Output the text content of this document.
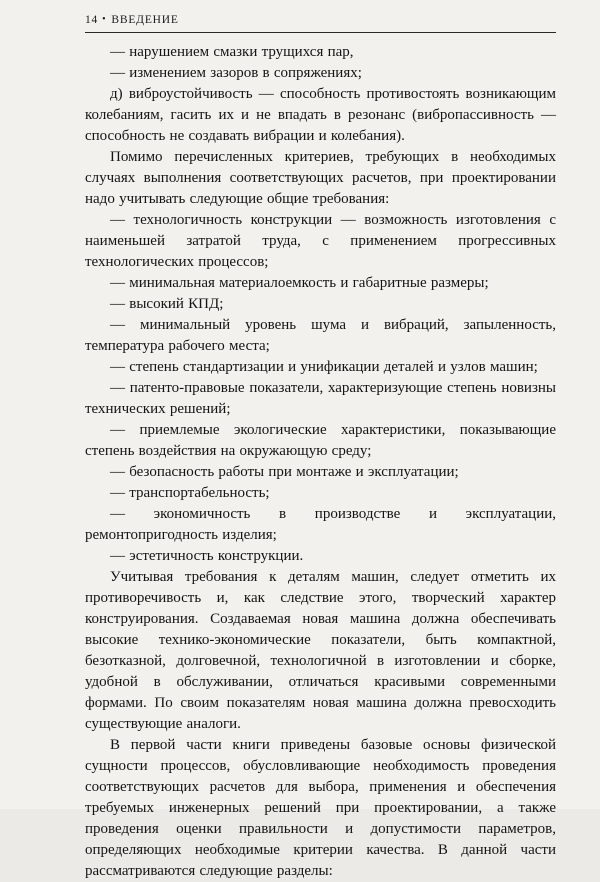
14 • ВВЕДЕНИЕ

— нарушением смазки трущихся пар,

— изменением зазоров в сопряжениях;

д) виброустойчивость — способность противостоять возникающим колебаниям, гасить их и не впадать в резонанс (вибропассивность — способность не создавать вибрации и колебания).

Помимо перечисленных критериев, требующих в необходимых случаях выполнения соответствующих расчетов, при проектировании надо учитывать следующие общие требования:

— технологичность конструкции — возможность изготовления с наименьшей затратой труда, с применением прогрессивных технологических процессов;

— минимальная материалоемкость и габаритные размеры;

— высокий КПД;

— минимальный уровень шума и вибраций, запыленность, температура рабочего места;

— степень стандартизации и унификации деталей и узлов машин;

— патенто-правовые показатели, характеризующие степень новизны технических решений;

— приемлемые экологические характеристики, показывающие степень воздействия на окружающую среду;

— безопасность работы при монтаже и эксплуатации;

— транспортабельность;

— экономичность в производстве и эксплуатации, ремонтопригодность изделия;

— эстетичность конструкции.

Учитывая требования к деталям машин, следует отметить их противоречивость и, как следствие этого, творческий характер конструирования. Создаваемая новая машина должна обеспечивать высокие технико-экономические показатели, быть компактной, безотказной, долговечной, технологичной в изготовлении и сборке, удобной в обслуживании, отличаться красивыми современными формами. По своим показателям новая машина должна превосходить существующие аналоги.

В первой части книги приведены базовые основы физической сущности процессов, обусловливающие необходимость проведения соответствующих расчетов для выбора, применения и обеспечения требуемых инженерных решений при проектировании, а также проведения оценки правильности и допустимости параметров, определяющих необходимые критерии качества. В данной части рассматриваются следующие разделы:
